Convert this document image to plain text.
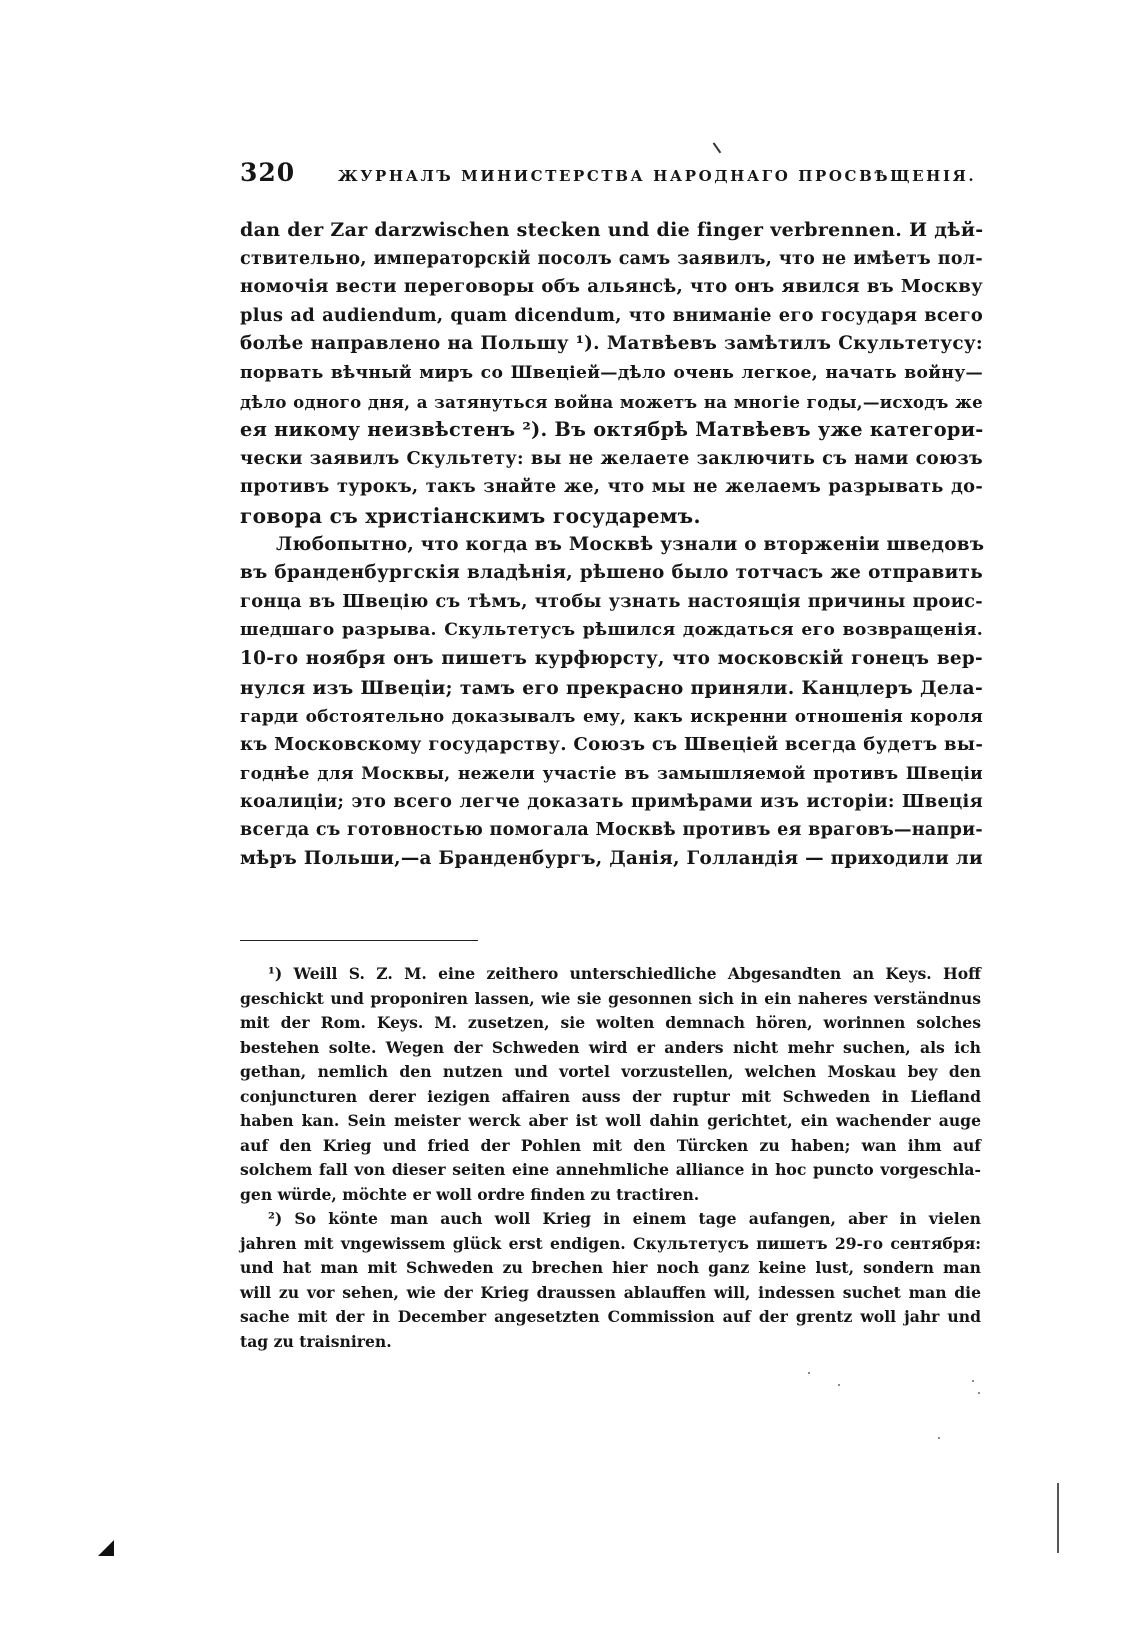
320	ЖУРНАЛЪ МИНИСТЕРСТВА НАРОДНАГО ПРОСВѢЩЕНІЯ.
dan der Zar darzwischen stecken und die finger verbrennen. И дѣй-
ствительно, императорскій посолъ самъ заявилъ, что не имѣетъ пол-
номочія вести переговоры объ альянсѣ, что онъ явился въ Москву
plus ad audiendum, quam dicendum, что вниманіе его государя всего
болѣе направлено на Польшу ¹). Матвѣевъ замѣтилъ Скультетусу:
порвать вѣчный миръ со Швеціей—дѣло очень легкое, начать войну—
дѣло одного дня, а затянуться война можетъ на многіе годы,—исходъ же
ея никому неизвѣстенъ ²). Въ октябрѣ Матвѣевъ уже категори-
чески заявилъ Скультету: вы не желаете заключить съ нами союзъ
противъ турокъ, такъ знайте же, что мы не желаемъ разрывать до-
говора съ христіанскимъ государемъ.
Любопытно, что когда въ Москвѣ узнали о вторженіи шведовъ
въ бранденбургскія владѣнія, рѣшено было тотчасъ же отправить
гонца въ Швецію съ тѣмъ, чтобы узнать настоящія причины проис-
шедшаго разрыва. Скультетусъ рѣшился дождаться его возвращенія.
10-го ноября онъ пишетъ курфюрсту, что московскій гонецъ вер-
нулся изъ Швеціи; тамъ его прекрасно приняли. Канцлеръ Дела-
гарди обстоятельно доказывалъ ему, какъ искренни отношенія короля
къ Московскому государству. Союзъ съ Швеціей всегда будетъ вы-
годнѣе для Москвы, нежели участіе въ замышляемой противъ Швеціи
коалиціи; это всего легче доказать примѣрами изъ исторіи: Швеція
всегда съ готовностью помогала Москвѣ противъ ея враговъ—напри-
мѣръ Польши,—а Бранденбургъ, Данія, Голландія — приходили ли
¹) Weill S. Z. M. eine zeithero unterschiedliche Abgesandten an Keys. Hoff
geschickt und proponiren lassen, wie sie gesonnen sich in ein naheres verständnus
mit der Rom. Keys. M. zusetzen, sie wolten demnach hören, worinnen solches
bestehen solte. Wegen der Schweden wird er anders nicht mehr suchen, als ich
gethan, nemlich den nutzen und vortel vorzustellen, welchen Moskau bey den
conjuncturen derer iezigen affairen auss der ruptur mit Schweden in Liefland
haben kan. Sein meister werck aber ist woll dahin gerichtet, ein wachender auge
auf den Krieg und fried der Pohlen mit den Türcken zu haben; wan ihm auf
solchem fall von dieser seiten eine annehmliche alliance in hoc puncto vorgeschla-
gen würde, möchte er woll ordre finden zu tractiren.
²) So könte man auch woll Krieg in einem tage aufangen, aber in vielen
jahren mit vngewissem glück erst endigen. Скультетусъ пишетъ 29-го сентября:
und hat man mit Schweden zu brechen hier noch ganz keine lust, sondern man
will zu vor sehen, wie der Krieg draussen ablauffen will, indessen suchet man die
sache mit der in December angesetzten Commission auf der grentz woll jahr und
tag zu traisniren.
